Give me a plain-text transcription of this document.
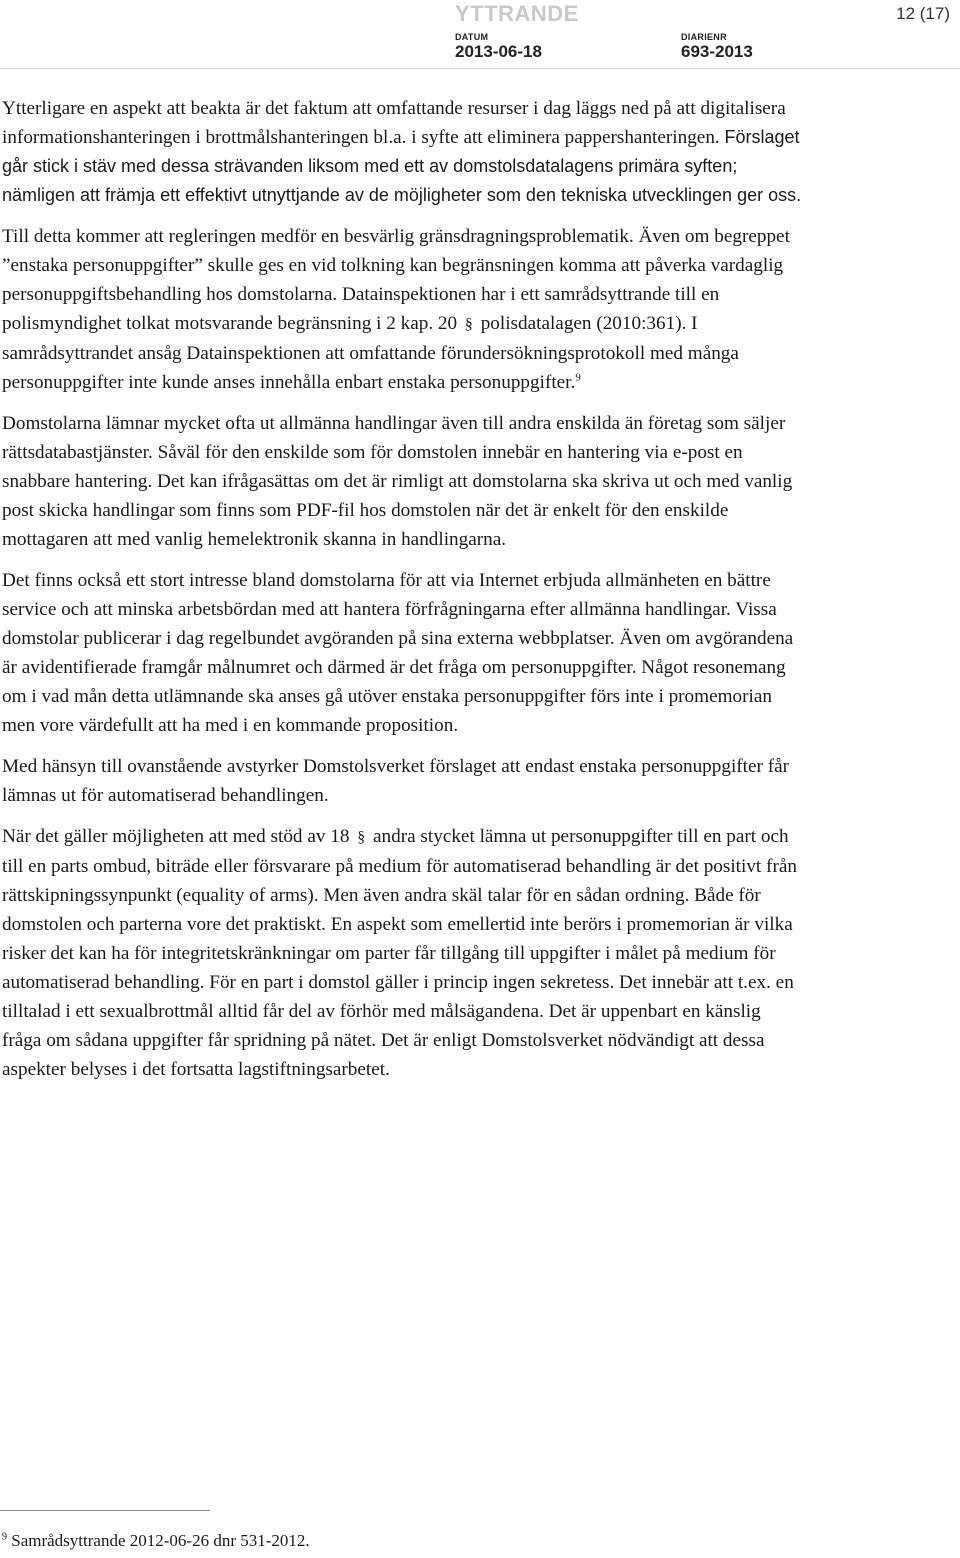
YTTRANDE	12 (17)
DATUM
2013-06-18
DIARIENR
693-2013

Ytterligare en aspekt att beakta är det faktum att omfattande resurser i dag läggs ned på att digitalisera informationshanteringen i brottmålshanteringen bl.a. i syfte att eliminera pappershanteringen. Förslaget går stick i stäv med dessa strävanden liksom med ett av domstolsdatalagens primära syften; nämligen att främja ett effektivt utnyttjande av de möjligheter som den tekniska utvecklingen ger oss.

Till detta kommer att regleringen medför en besvärlig gränsdragningsproblematik. Även om begreppet ”enstaka personuppgifter” skulle ges en vid tolkning kan begränsningen komma att påverka vardaglig personuppgiftsbehandling hos domstolarna. Datainspektionen har i ett samrådsyttrande till en polismyndighet tolkat motsvarande begränsning i 2 kap. 20 § polisdatalagen (2010:361). I samrådsyttrandet ansåg Datainspektionen att omfattande förundersökningsprotokoll med många personuppgifter inte kunde anses innehålla enbart enstaka personuppgifter.$^9$

Domstolarna lämnar mycket ofta ut allmänna handlingar även till andra enskilda än företag som säljer rättsdatabastjänster. Såväl för den enskilde som för domstolen innebär en hantering via e-post en snabbare hantering. Det kan ifrågasättas om det är rimligt att domstolarna ska skriva ut och med vanlig post skicka handlingar som finns som PDF-fil hos domstolen när det är enkelt för den enskilde mottagaren att med vanlig hemelektronik skanna in handlingarna.

Det finns också ett stort intresse bland domstolarna för att via Internet erbjuda allmänheten en bättre service och att minska arbetsbördan med att hantera förfrågningarna efter allmänna handlingar. Vissa domstolar publicerar i dag regelbundet avgöranden på sina externa webbplatser. Även om avgörandena är avidentifierade framgår målnumret och därmed är det fråga om personuppgifter. Något resonemang om i vad mån detta utlämnande ska anses gå utöver enstaka personuppgifter förs inte i promemorian men vore värdefullt att ha med i en kommande proposition.

Med hänsyn till ovanstående avstyrker Domstolsverket förslaget att endast enstaka personuppgifter får lämnas ut för automatiserad behandlingen.

När det gäller möjligheten att med stöd av 18 § andra stycket lämna ut personuppgifter till en part och till en parts ombud, biträde eller försvarare på medium för automatiserad behandling är det positivt från rättskipningssynpunkt (equality of arms). Men även andra skäl talar för en sådan ordning. Både för domstolen och parterna vore det praktiskt. En aspekt som emellertid inte berörs i promemorian är vilka risker det kan ha för integritetskränkningar om parter får tillgång till uppgifter i målet på medium för automatiserad behandling. För en part i domstol gäller i princip ingen sekretess. Det innebär att t.ex. en tilltalad i ett sexualbrottmål alltid får del av förhör med målsägandena. Det är uppenbart en känslig fråga om sådana uppgifter får spridning på nätet. Det är enligt Domstolsverket nödvändigt att dessa aspekter belyses i det fortsatta lagstiftningsarbetet.

$^9$ Samrådsyttrande 2012-06-26 dnr 531-2012.
